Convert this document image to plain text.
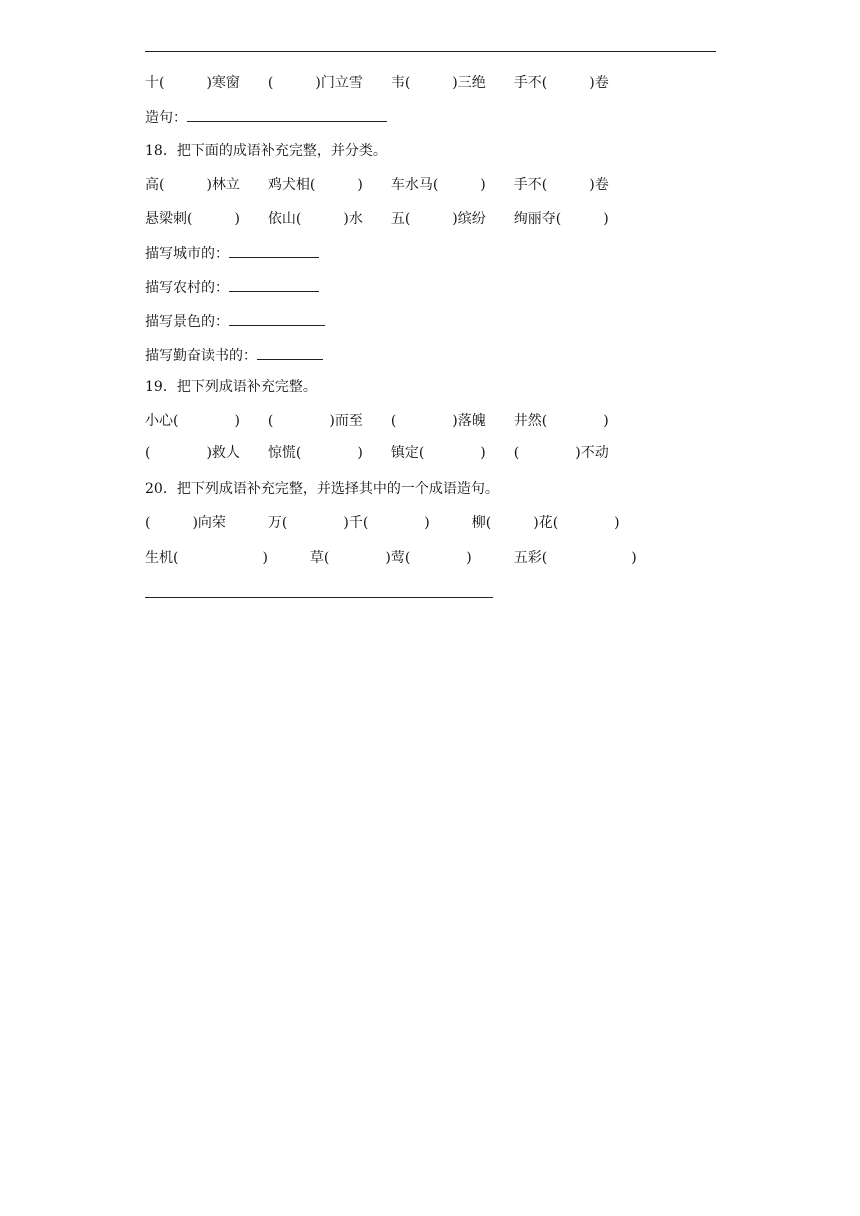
十(　　　)寒窗　　(　　　)门立雪　　韦(　　　)三绝　　手不(　　　)卷
造句：
18．把下面的成语补充完整，并分类。
高(　　　)林立　　鸡犬相(　　　)　　车水马(　　　)　　手不(　　　)卷
悬梁刺(　　　)　　依山(　　　)水　　五(　　　)缤纷　　绚丽夺(　　　)
描写城市的：
描写农村的：
描写景色的：
描写勤奋读书的：
19．把下列成语补充完整。
小心(　　　　)　　(　　　　)而至　　(　　　　)落魄　　井然(　　　　)
(　　　　)救人　　惊慌(　　　　)　　镇定(　　　　)　　(　　　　)不动
20．把下列成语补充完整，并选择其中的一个成语造句。
(　　　)向荣　　　万(　　　　)千(　　　　)　　　柳(　　　)花(　　　　)
生机(　　　　　　)　　　草(　　　　)莺(　　　　)　　　五彩(　　　　　　)
